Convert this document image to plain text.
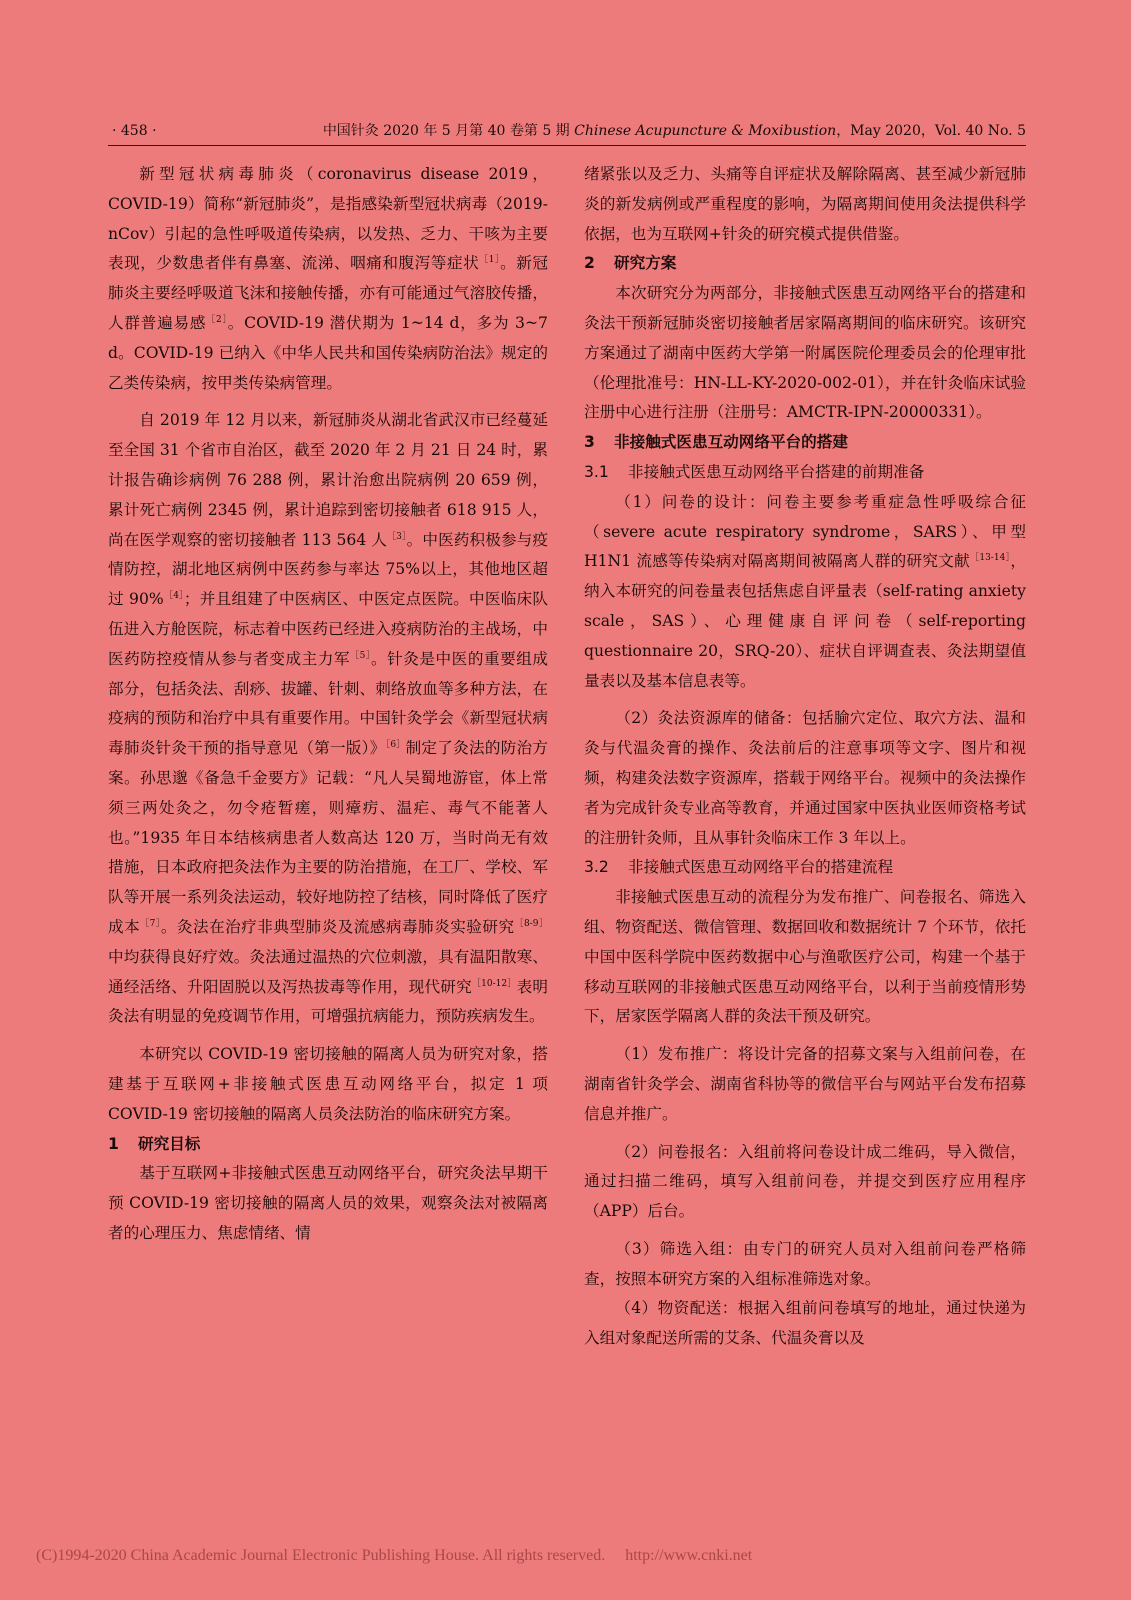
· 458 ·	中国针灸 2020 年 5 月第 40 卷第 5 期 Chinese Acupuncture & Moxibustion，May 2020，Vol. 40 No. 5

新型冠状病毒肺炎（coronavirus disease 2019，COVID-19）简称“新冠肺炎”，是指感染新型冠状病毒（2019-nCov）引起的急性呼吸道传染病，以发热、乏力、干咳为主要表现，少数患者伴有鼻塞、流涕、咽痛和腹泻等症状$^{[1]}$。新冠肺炎主要经呼吸道飞沫和接触传播，亦有可能通过气溶胶传播，人群普遍易感$^{[2]}$。COVID-19 潜伏期为 1~14 d，多为 3~7 d。COVID-19 已纳入《中华人民共和国传染病防治法》规定的乙类传染病，按甲类传染病管理。

自 2019 年 12 月以来，新冠肺炎从湖北省武汉市已经蔓延至全国 31 个省市自治区，截至 2020 年 2 月 21 日 24 时，累计报告确诊病例 76 288 例，累计治愈出院病例 20 659 例，累计死亡病例 2345 例，累计追踪到密切接触者 618 915 人，尚在医学观察的密切接触者 113 564 人$^{[3]}$。中医药积极参与疫情防控，湖北地区病例中医药参与率达 75%以上，其他地区超过 90%$^{[4]}$；并且组建了中医病区、中医定点医院。中医临床队伍进入方舱医院，标志着中医药已经进入疫病防治的主战场，中医药防控疫情从参与者变成主力军$^{[5]}$。针灸是中医的重要组成部分，包括灸法、刮痧、拔罐、针刺、刺络放血等多种方法，在疫病的预防和治疗中具有重要作用。中国针灸学会《新型冠状病毒肺炎针灸干预的指导意见（第一版）》$^{[6]}$制定了灸法的防治方案。孙思邈《备急千金要方》记载：“凡人吴蜀地游宦，体上常须三两处灸之，勿令疮暂瘥，则瘴疠、温疟、毒气不能著人也。”1935 年日本结核病患者人数高达 120 万，当时尚无有效措施，日本政府把灸法作为主要的防治措施，在工厂、学校、军队等开展一系列灸法运动，较好地防控了结核，同时降低了医疗成本$^{[7]}$。灸法在治疗非典型肺炎及流感病毒肺炎实验研究$^{[8-9]}$中均获得良好疗效。灸法通过温热的穴位刺激，具有温阳散寒、通经活络、升阳固脱以及泻热拔毒等作用，现代研究$^{[10-12]}$表明灸法有明显的免疫调节作用，可增强抗病能力，预防疾病发生。

本研究以 COVID-19 密切接触的隔离人员为研究对象，搭建基于互联网+非接触式医患互动网络平台，拟定 1 项 COVID-19 密切接触的隔离人员灸法防治的临床研究方案。

1 研究目标

基于互联网+非接触式医患互动网络平台，研究灸法早期干预 COVID-19 密切接触的隔离人员的效果，观察灸法对被隔离者的心理压力、焦虑情绪、情

绪紧张以及乏力、头痛等自评症状及解除隔离、甚至减少新冠肺炎的新发病例或严重程度的影响，为隔离期间使用灸法提供科学依据，也为互联网+针灸的研究模式提供借鉴。

2 研究方案

本次研究分为两部分，非接触式医患互动网络平台的搭建和灸法干预新冠肺炎密切接触者居家隔离期间的临床研究。该研究方案通过了湖南中医药大学第一附属医院伦理委员会的伦理审批（伦理批准号：HN-LL-KY-2020-002-01），并在针灸临床试验注册中心进行注册（注册号：AMCTR-IPN-20000331）。

3 非接触式医患互动网络平台的搭建
3.1 非接触式医患互动网络平台搭建的前期准备

（1）问卷的设计：问卷主要参考重症急性呼吸综合征（severe acute respiratory syndrome，SARS）、甲型 H1N1 流感等传染病对隔离期间被隔离人群的研究文献$^{[13-14]}$，纳入本研究的问卷量表包括焦虑自评量表（self-rating anxiety scale，SAS）、心理健康自评问卷（self-reporting questionnaire 20，SRQ-20）、症状自评调查表、灸法期望值量表以及基本信息表等。

（2）灸法资源库的储备：包括腧穴定位、取穴方法、温和灸与代温灸膏的操作、灸法前后的注意事项等文字、图片和视频，构建灸法数字资源库，搭载于网络平台。视频中的灸法操作者为完成针灸专业高等教育，并通过国家中医执业医师资格考试的注册针灸师，且从事针灸临床工作 3 年以上。

3.2 非接触式医患互动网络平台的搭建流程

非接触式医患互动的流程分为发布推广、问卷报名、筛选入组、物资配送、微信管理、数据回收和数据统计 7 个环节，依托中国中医科学院中医药数据中心与渔歌医疗公司，构建一个基于移动互联网的非接触式医患互动网络平台，以利于当前疫情形势下，居家医学隔离人群的灸法干预及研究。

（1）发布推广：将设计完备的招募文案与入组前问卷，在湖南省针灸学会、湖南省科协等的微信平台与网站平台发布招募信息并推广。

（2）问卷报名：入组前将问卷设计成二维码，导入微信，通过扫描二维码，填写入组前问卷，并提交到医疗应用程序（APP）后台。

（3）筛选入组：由专门的研究人员对入组前问卷严格筛查，按照本研究方案的入组标准筛选对象。

（4）物资配送：根据入组前问卷填写的地址，通过快递为入组对象配送所需的艾条、代温灸膏以及

(C)1994-2020 China Academic Journal Electronic Publishing House. All rights reserved. http://www.cnki.net
